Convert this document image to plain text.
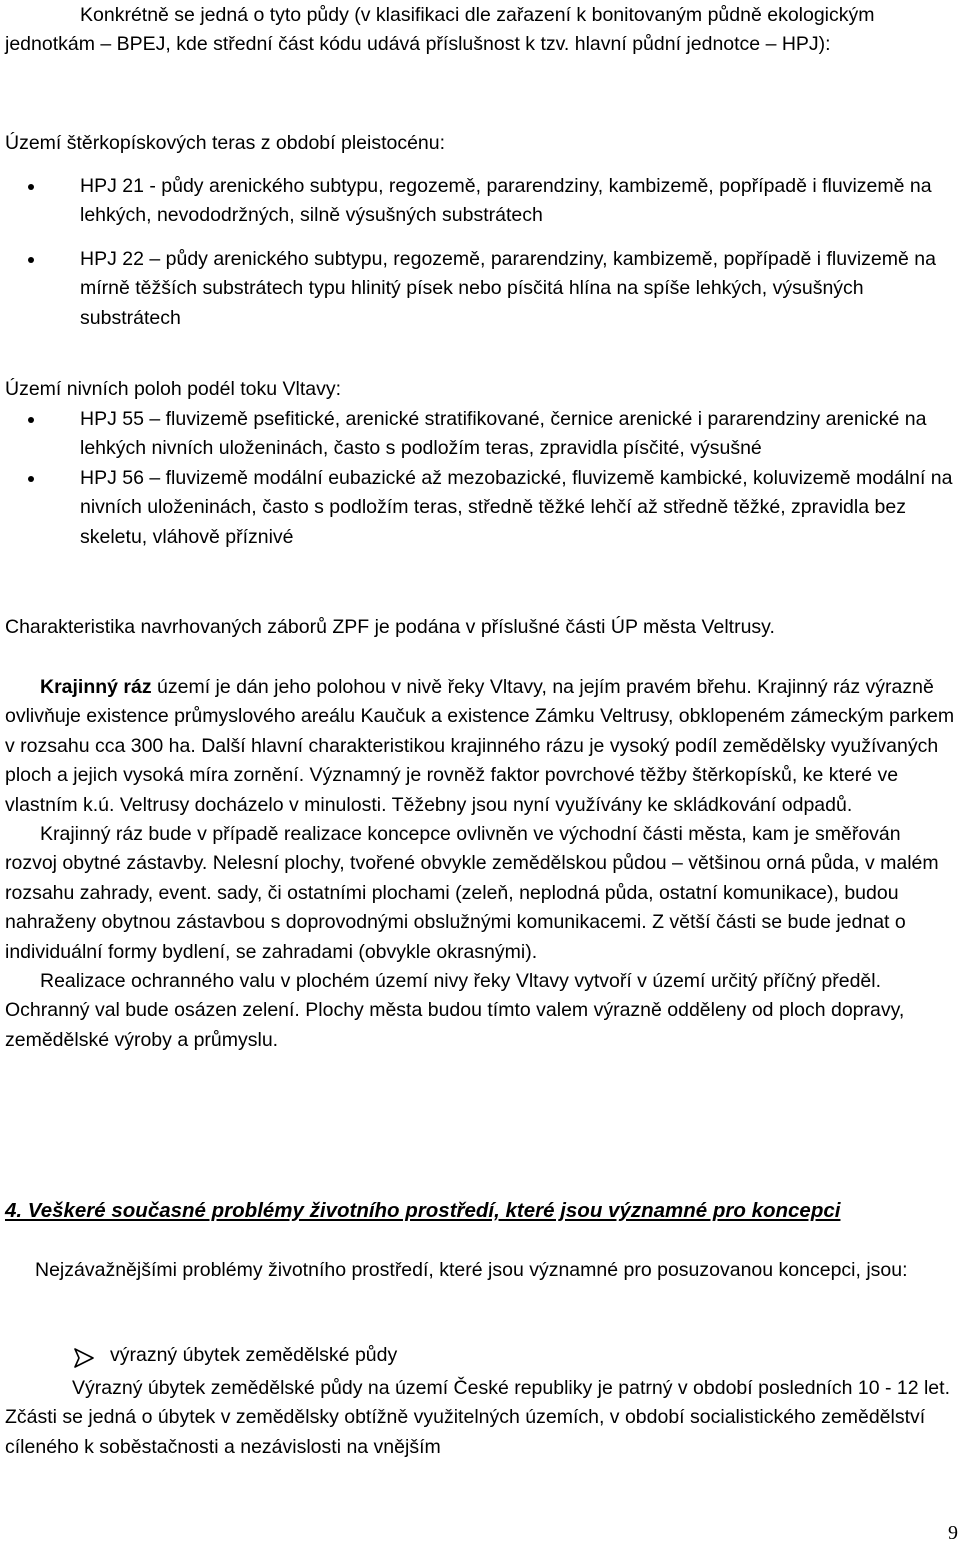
Konkrétně se jedná o tyto půdy (v klasifikaci dle zařazení k bonitovaným půdně ekologickým jednotkám – BPEJ, kde střední část kódu udává příslušnost k tzv. hlavní půdní jednotce – HPJ):

Území štěrkopískových teras z období pleistocénu:

HPJ 21 - půdy arenického subtypu, regozemě, pararendziny, kambizemě, popřípadě i fluvizemě na lehkých, nevododržných, silně výsušných substrátech
HPJ 22 – půdy arenického subtypu, regozemě, pararendziny, kambizemě, popřípadě i fluvizemě na mírně těžších substrátech typu hlinitý písek nebo písčitá hlína na spíše lehkých, výsušných substrátech

Území nivních poloh podél toku Vltavy:

HPJ 55 – fluvizemě psefitické, arenické stratifikované, černice arenické i pararendziny arenické na lehkých nivních uloženinách, často s podložím teras, zpravidla písčité, výsušné
HPJ 56 – fluvizemě modální eubazické až mezobazické, fluvizemě kambické, koluvizemě modální na nivních uloženinách, často s podložím teras, středně těžké lehčí až středně těžké, zpravidla bez skeletu, vláhově příznivé

Charakteristika navrhovaných záborů ZPF je podána v příslušné části ÚP města Veltrusy.

Krajinný ráz území je dán jeho polohou v nivě řeky Vltavy, na jejím pravém břehu. Krajinný ráz výrazně ovlivňuje existence průmyslového areálu Kaučuk a existence Zámku Veltrusy, obklopeném zámeckým parkem v rozsahu cca 300 ha. Další hlavní charakteristikou krajinného rázu je vysoký podíl zemědělsky využívaných ploch a jejich vysoká míra zornění. Významný je rovněž faktor povrchové těžby štěrkopísků, ke které ve vlastním k.ú. Veltrusy docházelo v minulosti. Těžebny jsou nyní využívány ke skládkování odpadů.

Krajinný ráz bude v případě realizace koncepce ovlivněn ve východní části města, kam je směřován rozvoj obytné zástavby. Nelesní plochy, tvořené obvykle zemědělskou půdou – většinou orná půda, v malém rozsahu zahrady, event. sady, či ostatními plochami (zeleň, neplodná půda, ostatní komunikace), budou nahraženy obytnou zástavbou s doprovodnými obslužnými komunikacemi. Z větší části se bude jednat o individuální formy bydlení, se zahradami (obvykle okrasnými).

Realizace ochranného valu v plochém území nivy řeky Vltavy vytvoří v území určitý příčný předěl. Ochranný val bude osázen zelení. Plochy města budou tímto valem výrazně odděleny od ploch dopravy, zemědělské výroby a průmyslu.

4. Veškeré současné problémy životního prostředí, které jsou významné pro koncepci

Nejzávažnějšími problémy životního prostředí, které jsou významné pro posuzovanou koncepci, jsou:

výrazný úbytek zemědělské půdy

Výrazný úbytek zemědělské půdy na území České republiky je patrný v období posledních 10 - 12 let. Zčásti se jedná o úbytek v zemědělsky obtížně využitelných územích, v období socialistického zemědělství cíleného k soběstačnosti a nezávislosti na vnějším

9
